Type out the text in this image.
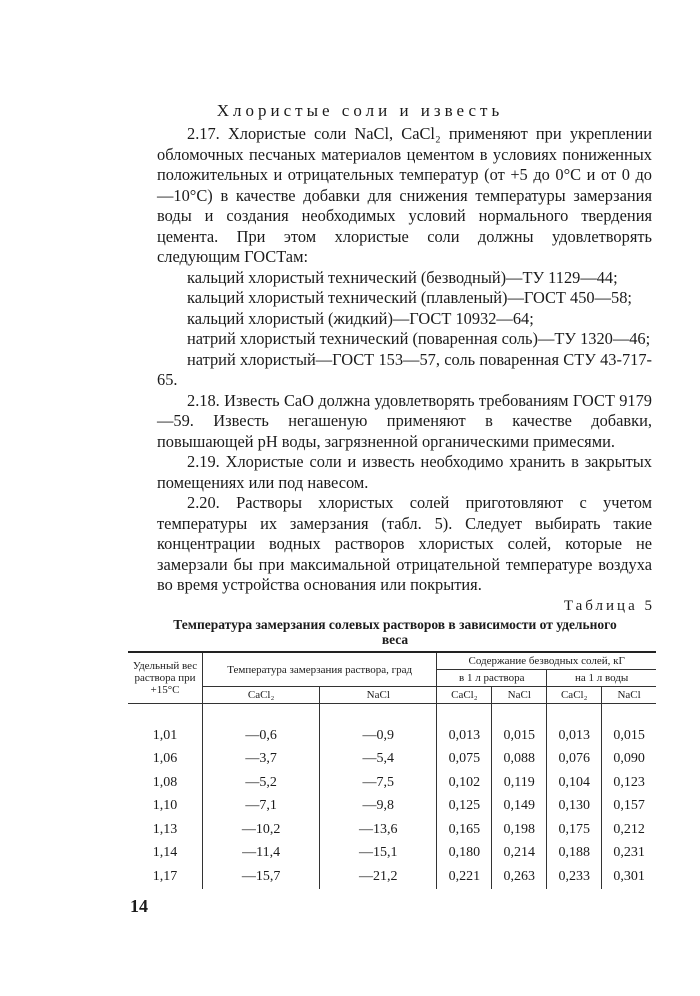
Хлористые соли и известь

2.17. Хлористые соли NaCl, CaCl₂ применяют при укреплении обломочных песчаных материалов цементом в условиях пониженных положительных и отрицательных температур (от +5 до 0°С и от 0 до —10°С) в качестве добавки для снижения температуры замерзания воды и создания необходимых условий нормального твердения цемента. При этом хлористые соли должны удовлетворять следующим ГОСТам:

кальций хлористый технический (безводный)—ТУ 1129—44;

кальций хлористый технический (плавленый)—ГОСТ 450—58;

кальций хлористый (жидкий)—ГОСТ 10932—64;

натрий хлористый технический (поваренная соль)—ТУ 1320—46;

натрий хлористый—ГОСТ 153—57, соль поваренная СТУ 43-717-65.

2.18. Известь CaO должна удовлетворять требованиям ГОСТ 9179—59. Известь негашеную применяют в качестве добавки, повышающей pH воды, загрязненной органическими примесями.

2.19. Хлористые соли и известь необходимо хранить в закрытых помещениях или под навесом.

2.20. Растворы хлористых солей приготовляют с учетом температуры их замерзания (табл. 5). Следует выбирать такие концентрации водных растворов хлористых солей, которые не замерзали бы при максимальной отрицательной температуре воздуха во время устройства основания или покрытия.

Таблица 5
Температура замерзания солевых растворов в зависимости от удельного веса
Удельный вес раствора при +15°С	Температура замерзания раствора, град		Содержание безводных солей, кГ			
			в 1 л раствора		на 1 л воды	
	CaCl₂	NaCl	CaCl₂	NaCl	CaCl₂	NaCl
1,01	—0,6	—0,9	0,013	0,015	0,013	0,015
1,06	—3,7	—5,4	0,075	0,088	0,076	0,090
1,08	—5,2	—7,5	0,102	0,119	0,104	0,123
1,10	—7,1	—9,8	0,125	0,149	0,130	0,157
1,13	—10,2	—13,6	0,165	0,198	0,175	0,212
1,14	—11,4	—15,1	0,180	0,214	0,188	0,231
1,17	—15,7	—21,2	0,221	0,263	0,233	0,301
14
